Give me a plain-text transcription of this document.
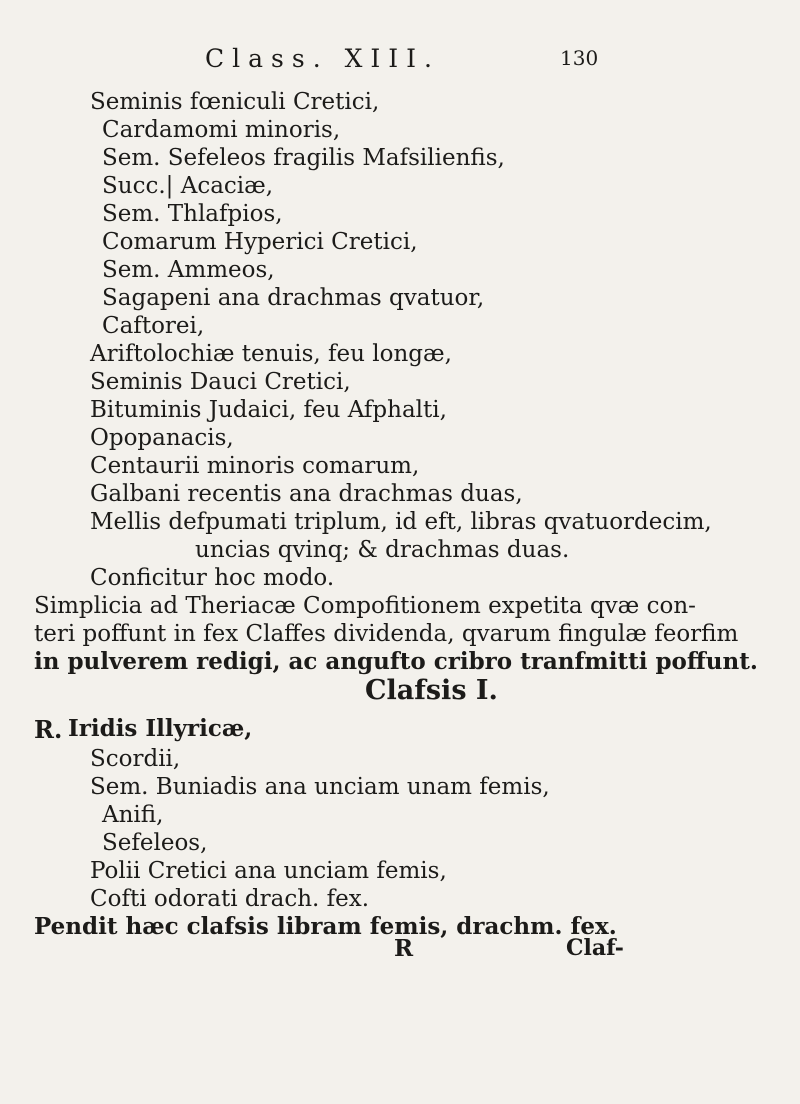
Class. XIII.	130
Seminis fœniculi Cretici,
Cardamomi minoris,
Sem. Sefeleos fragilis Mafsilienfis,
Succ.| Acaciæ,
Sem. Thlafpios,
Comarum Hyperici Cretici,
Sem. Ammeos,
Sagapeni ana drachmas qvatuor,
Caftorei,
Ariftolochiæ tenuis, feu longæ,
Seminis Dauci Cretici,
Bituminis Judaici, feu Afphalti,
Opopanacis,
Centaurii minoris comarum,
Galbani recentis ana drachmas duas,
Mellis defpumati triplum, id eft, libras qvatuordecim,
uncias qvinq; & drachmas duas.
Conficitur hoc modo.
Simplicia ad Theriacæ Compofitionem expetita qvæ con-
teri poffunt in fex Claffes dividenda, qvarum fingulæ feorfim
in pulverem redigi, ac angufto cribro tranfmitti poffunt.
Clafsis I.
R. Iridis Illyricæ,
Scordii,
Sem. Buniadis ana unciam unam femis,
Anifi,
Sefeleos,
Polii Cretici ana unciam femis,
Cofti odorati drach. fex.
Pendit hæc clafsis libram femis, drachm. fex.
R	Claf-
